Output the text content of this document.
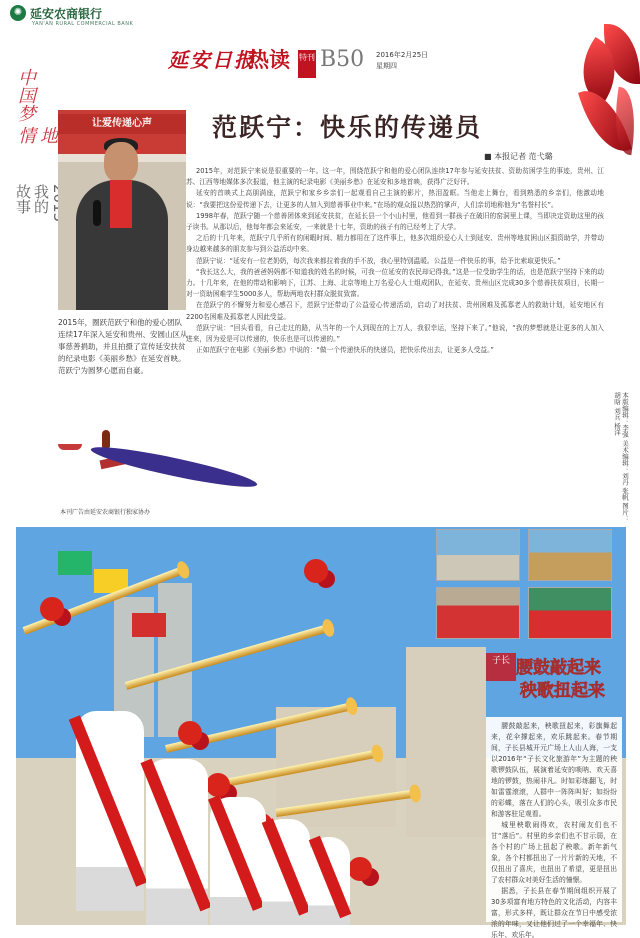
✺ 延安农商银行
YAN'AN RURAL COMMERCIAL BANK
延安日报
热读 特刊 B50 2016年2月25日
星期四
中国梦
地情
我的故事
让爱传递心声
2015年，圈跃范跃宁和他的爱心团队连续17年深入延安和贵州、安圆山区从事慈善捐助，并且拍摄了宣传延安扶贫的纪录电影《美丽乡愁》在延安首映。范跃宁为圆梦心愿而自豪。
范跃宁：快乐的传递员
■ 本报记者 范弋璐

2015年，对范跃宁来说是很重要的一年。这一年，围绕范跃宁和他的爱心团队连续17年参与延安扶贫、资助贫困学生的事迹，贵州、江苏、江西等地媒体多次报道，他主演的纪录电影《美丽乡愁》在延安和多地首映，获得广泛好评。

延安的首映式上高朋满座，范跃宁和家乡乡亲们一起观看自己主演的影片，热泪盈眶。当他走上舞台，看到熟悉的乡亲们，他激动地说：“我要把这份爱传递下去，让更多的人加入到慈善事业中来。”在场的观众报以热烈的掌声，人们亲切地称他为“名誉村长”。

1998年春，范跃宁随一个慈善团体来到延安扶贫，在延长县一个小山村里，他看到一群孩子在破旧的窑洞里上课，当即决定资助这里的孩子读书。从那以后，他每年都会来延安，一来就是十七年，资助的孩子有的已经考上了大学。

之后的十几年来，范跃宁几乎所有的闲暇时间、精力都用在了这件事上，他多次组织爱心人士到延安、贵州等地贫困山区捐资助学，并带动身边越来越多的朋友参与到公益活动中来。

范跃宁说：“延安有一位老奶奶，每次我来都拉着我的手不放，我心里特别温暖。公益是一件快乐的事，给予比索取更快乐。”

“我长这么大，我的爸爸妈妈都不知道我的姓名的时候，可我一位延安的农民却记得我。”这是一位受助学生的话，也是范跃宁坚持下来的动力。十几年来，在他的带动和影响下，江苏、上海、北京等地上万名爱心人士组成团队，在延安、贵州山区完成30多个慈善扶贫项目，长期一对一资助困难学生5000多人，帮助两地农村群众脱贫致富。

在范跃宁的不懈努力和爱心感召下，范跃宁还带动了公益爱心传递活动，启动了对扶贫、贵州困难及孤寡老人的救助计划，延安地区有2200名困难及孤寡老人因此受益。

范跃宁说：“回头看看，自己走过的路，从当年的一个人到现在的上万人，我很幸运，坚持下来了。”他说，“我的梦想就是让更多的人加入进来，因为爱是可以传递的，快乐也是可以传递的。”

正如范跃宁在电影《美丽乡愁》中说的：“做一个传递快乐的快递员，把快乐传出去，让更多人受益。”

本版编辑：李强 美术编辑：刘丹 张帆 图片：胡晗 刘兵 杨洋
本刊广告由延安农商银行独家协办
子长 腰鼓敲起来
秧歌扭起来

腰鼓敲起来，秧歌扭起来，彩旗舞起来，花伞撑起来，欢乐跳起来。春节期间，子长县城开元广场上人山人海，一支以2016年“子长文化旅游年”为主题的秧歌锣鼓队伍，展演着延安的唢呐、欢天喜地的锣鼓，热闹非凡。时如彩练翻飞，时如雷霆滚滚，人群中一阵阵叫好；如纷纷的彩蝶，落在人们的心头，吸引众多市民和游客驻足观看。

城里秧歌闹得欢，农村闹友们也不甘“落后”。村里的乡亲们也不甘示弱，在各个村的广场上扭起了秧歌。新年新气象，各个村都扭出了一片片新的天地，不仅扭出了喜庆，也扭出了希望，更是扭出了农村群众对美好生活的憧憬。

据悉，子长县在春节期间组织开展了30多项富有地方特色的文化活动，内容丰富，形式多样，既让群众在节日中感受浓浓的年味，又让他们过了一个幸福年、快乐年、欢乐年。
